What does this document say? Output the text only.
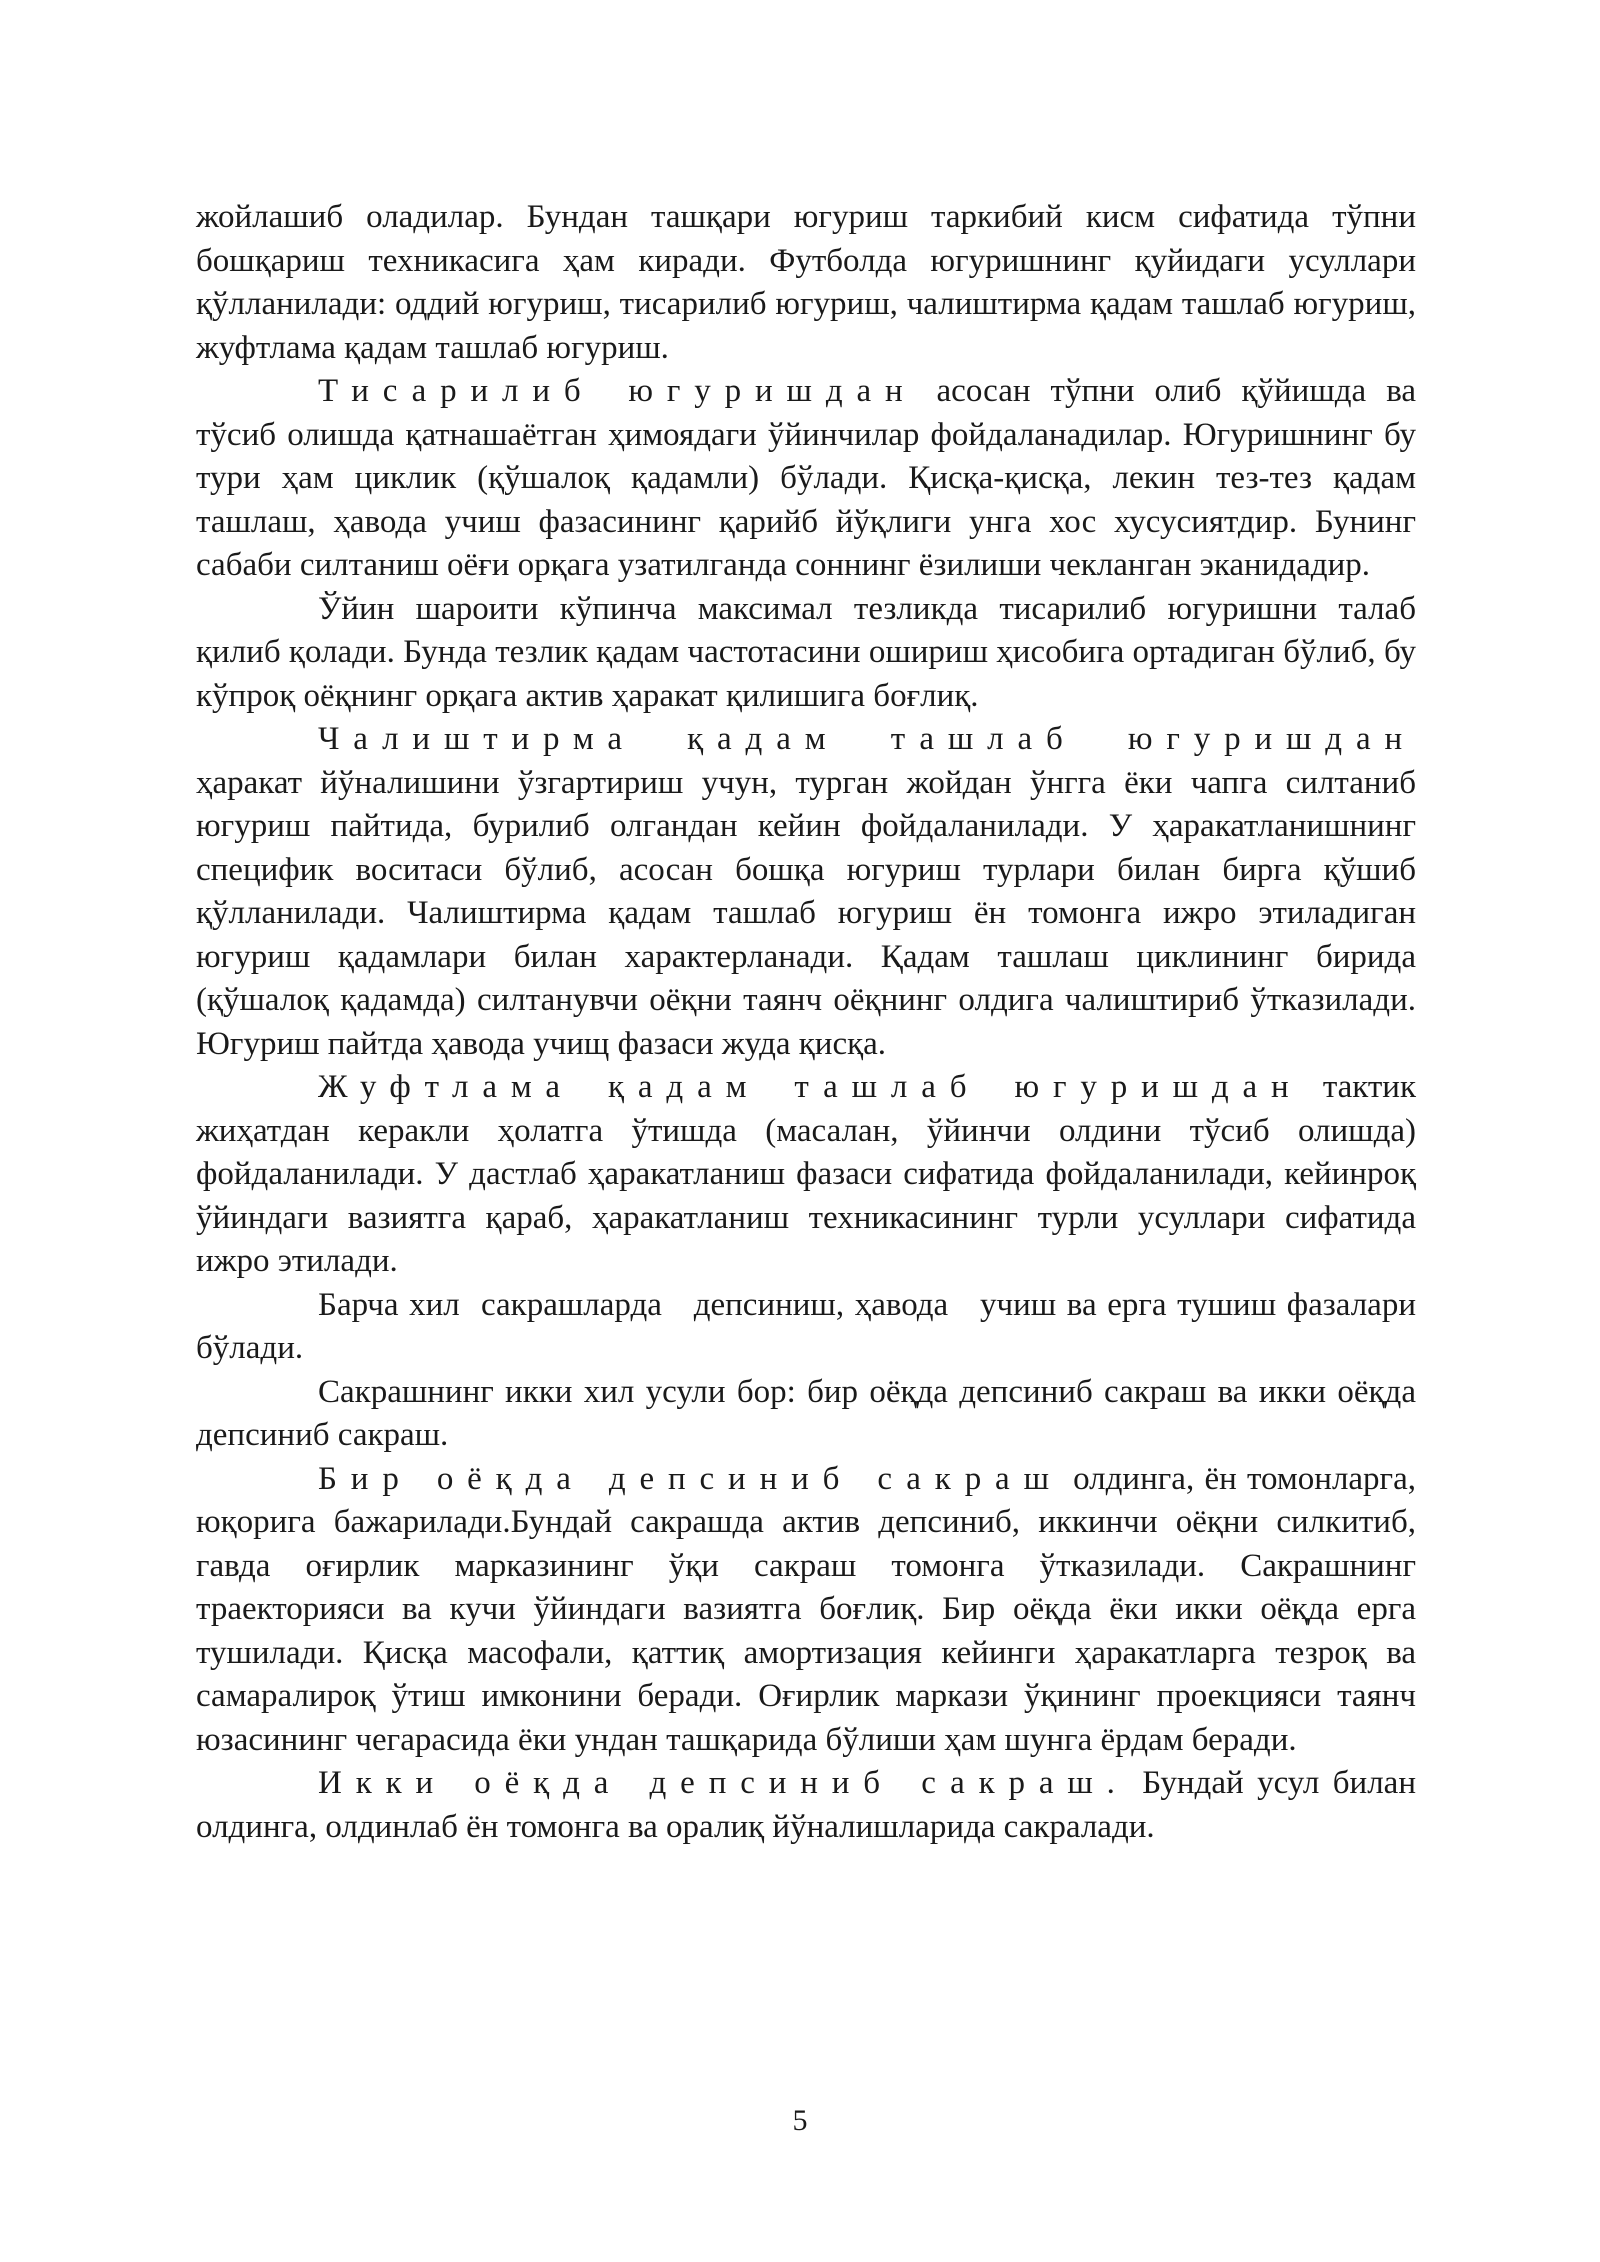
жойлашиб оладилар. Бундан ташқари югуриш таркибий кисм сифатида тўпни бошқариш техникасига ҳам киради. Футболда югуришнинг қуйидаги усуллари қўлланилади: оддий югуриш, тисарилиб югуриш, чалиштирма қадам ташлаб югуриш, жуфтлама қадам ташлаб югуриш.

Тисарилиб югуришдан асосан тўпни олиб қўйишда ва тўсиб олишда қатнашаётган ҳимоядаги ўйинчилар фойдаланадилар. Югуришнинг бу тури ҳам циклик (қўшалоқ қадамли) бўлади. Қисқа-қисқа, лекин тез-тез қадам ташлаш, ҳавода учиш фазасининг қарийб йўқлиги унга хос хусусиятдир. Бунинг сабаби силтаниш оёғи орқага узатилганда соннинг ёзилиши чекланган эканидадир.

Ўйин шароити кўпинча максимал тезликда тисарилиб югуришни талаб қилиб қолади. Бунда тезлик қадам частотасини ошириш ҳисобига ортадиган бўлиб, бу кўпроқ оёқнинг орқага актив ҳаракат қилишига боғлиқ.

Чалиштирма қадам ташлаб югуришдан ҳаракат йўналишини ўзгартириш учун, турган жойдан ўнгга ёки чапга силтаниб югуриш пайтида, бурилиб олгандан кейин фойдаланилади. У ҳаракатланишнинг специфик воситаси бўлиб, асосан бошқа югуриш турлари билан бирга қўшиб қўлланилади. Чалиштирма қадам ташлаб югуриш ён томонга ижро этиладиган югуриш қадамлари билан характерланади. Қадам ташлаш циклининг бирида (қўшалоқ қадамда) силтанувчи оёқни таянч оёқнинг олдига чалиштириб ўтказилади. Югуриш пайтда ҳавода учищ фазаси жуда қисқа.

Жуфтлама қадам ташлаб югуришдан тактик жиҳатдан керакли ҳолатга ўтишда (масалан, ўйинчи олдини тўсиб олишда) фойдаланилади. У дастлаб ҳаракатланиш фазаси сифатида фойдаланилади, кейинроқ ўйиндаги вазиятга қараб, ҳаракатланиш техникасининг турли усуллари сифатида ижро этилади.

Барча хил  сакрашларда   депсиниш, ҳавода   учиш ва ерга тушиш фазалари бўлади.

Сакрашнинг икки хил усули бор: бир оёқда депсиниб сакраш ва икки оёқда депсиниб сакраш.

Бир оёқда депсиниб сакраш олдинга, ён томонларга, юқорига бажарилади.Бундай сакрашда актив депсиниб, иккинчи оёқни силкитиб, гавда оғирлик марказининг ўқи сакраш томонга ўтказилади. Сакрашнинг траекторияси ва кучи ўйиндаги вазиятга боғлиқ. Бир оёқда ёки икки оёқда ерга тушилади. Қисқа масофали, қаттиқ амортизация кейинги ҳаракатларга тезроқ ва самаралироқ ўтиш имконини беради. Оғирлик маркази ўқининг проекцияси таянч юзасининг чегарасида ёки ундан ташқарида бўлиши ҳам шунга ёрдам беради.

Икки оёқда депсиниб сакраш. Бундай усул билан олдинга, олдинлаб ён томонга ва оралиқ йўналишларида сакралади.

5
